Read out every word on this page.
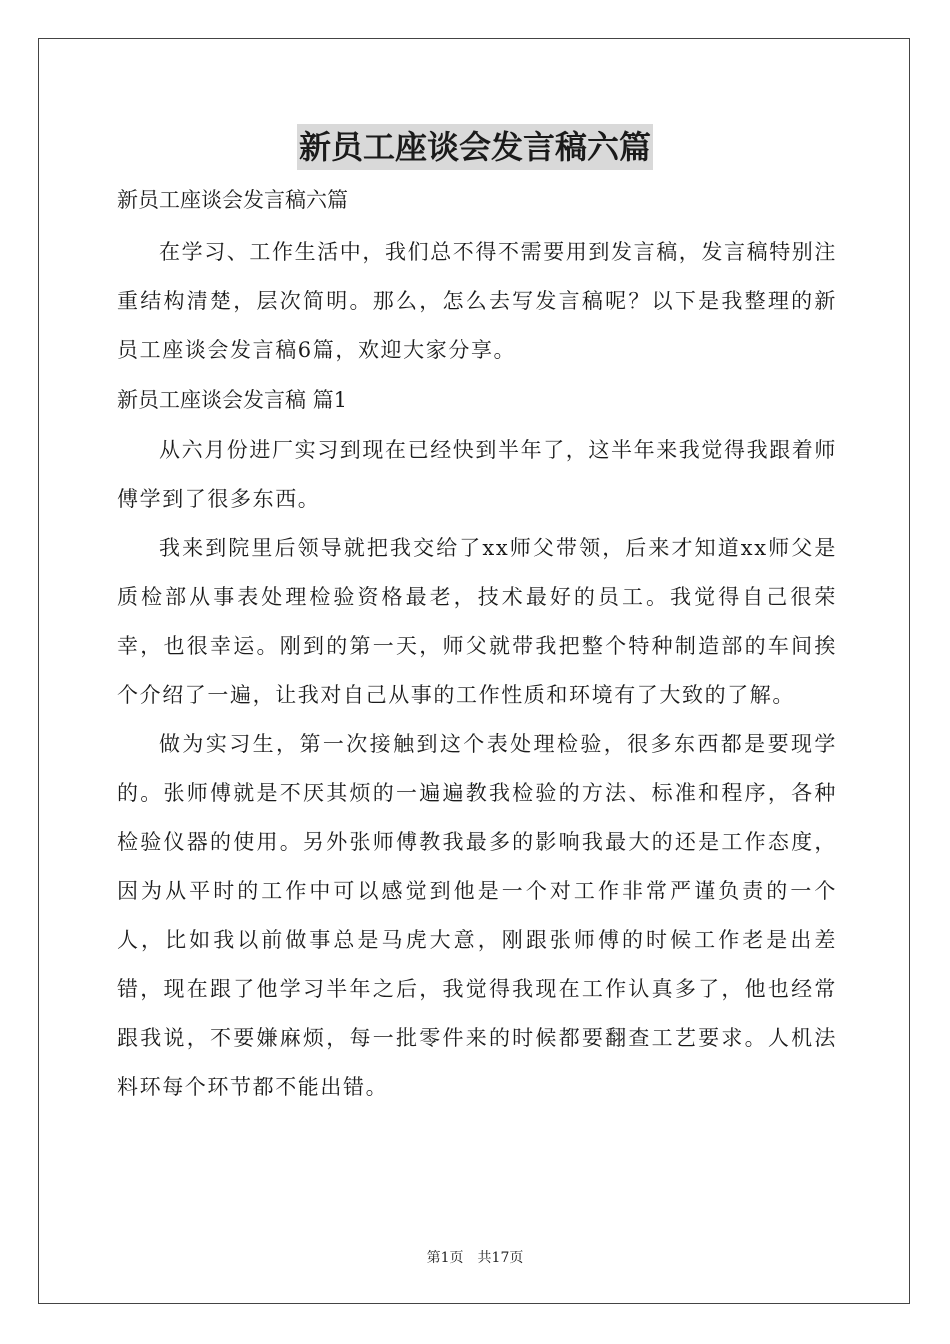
新员工座谈会发言稿六篇

新员工座谈会发言稿六篇

在学习、工作生活中，我们总不得不需要用到发言稿，发言稿特别注重结构清楚，层次简明。那么，怎么去写发言稿呢？以下是我整理的新员工座谈会发言稿6篇，欢迎大家分享。

新员工座谈会发言稿 篇1

从六月份进厂实习到现在已经快到半年了，这半年来我觉得我跟着师傅学到了很多东西。

我来到院里后领导就把我交给了xx师父带领，后来才知道xx师父是质检部从事表处理检验资格最老，技术最好的员工。我觉得自己很荣幸，也很幸运。刚到的第一天，师父就带我把整个特种制造部的车间挨个介绍了一遍，让我对自己从事的工作性质和环境有了大致的了解。

做为实习生，第一次接触到这个表处理检验，很多东西都是要现学的。张师傅就是不厌其烦的一遍遍教我检验的方法、标准和程序，各种检验仪器的使用。另外张师傅教我最多的影响我最大的还是工作态度，因为从平时的工作中可以感觉到他是一个对工作非常严谨负责的一个人，比如我以前做事总是马虎大意，刚跟张师傅的时候工作老是出差错，现在跟了他学习半年之后，我觉得我现在工作认真多了，他也经常跟我说，不要嫌麻烦，每一批零件来的时候都要翻查工艺要求。人机法料环每个环节都不能出错。

第1页　共17页
